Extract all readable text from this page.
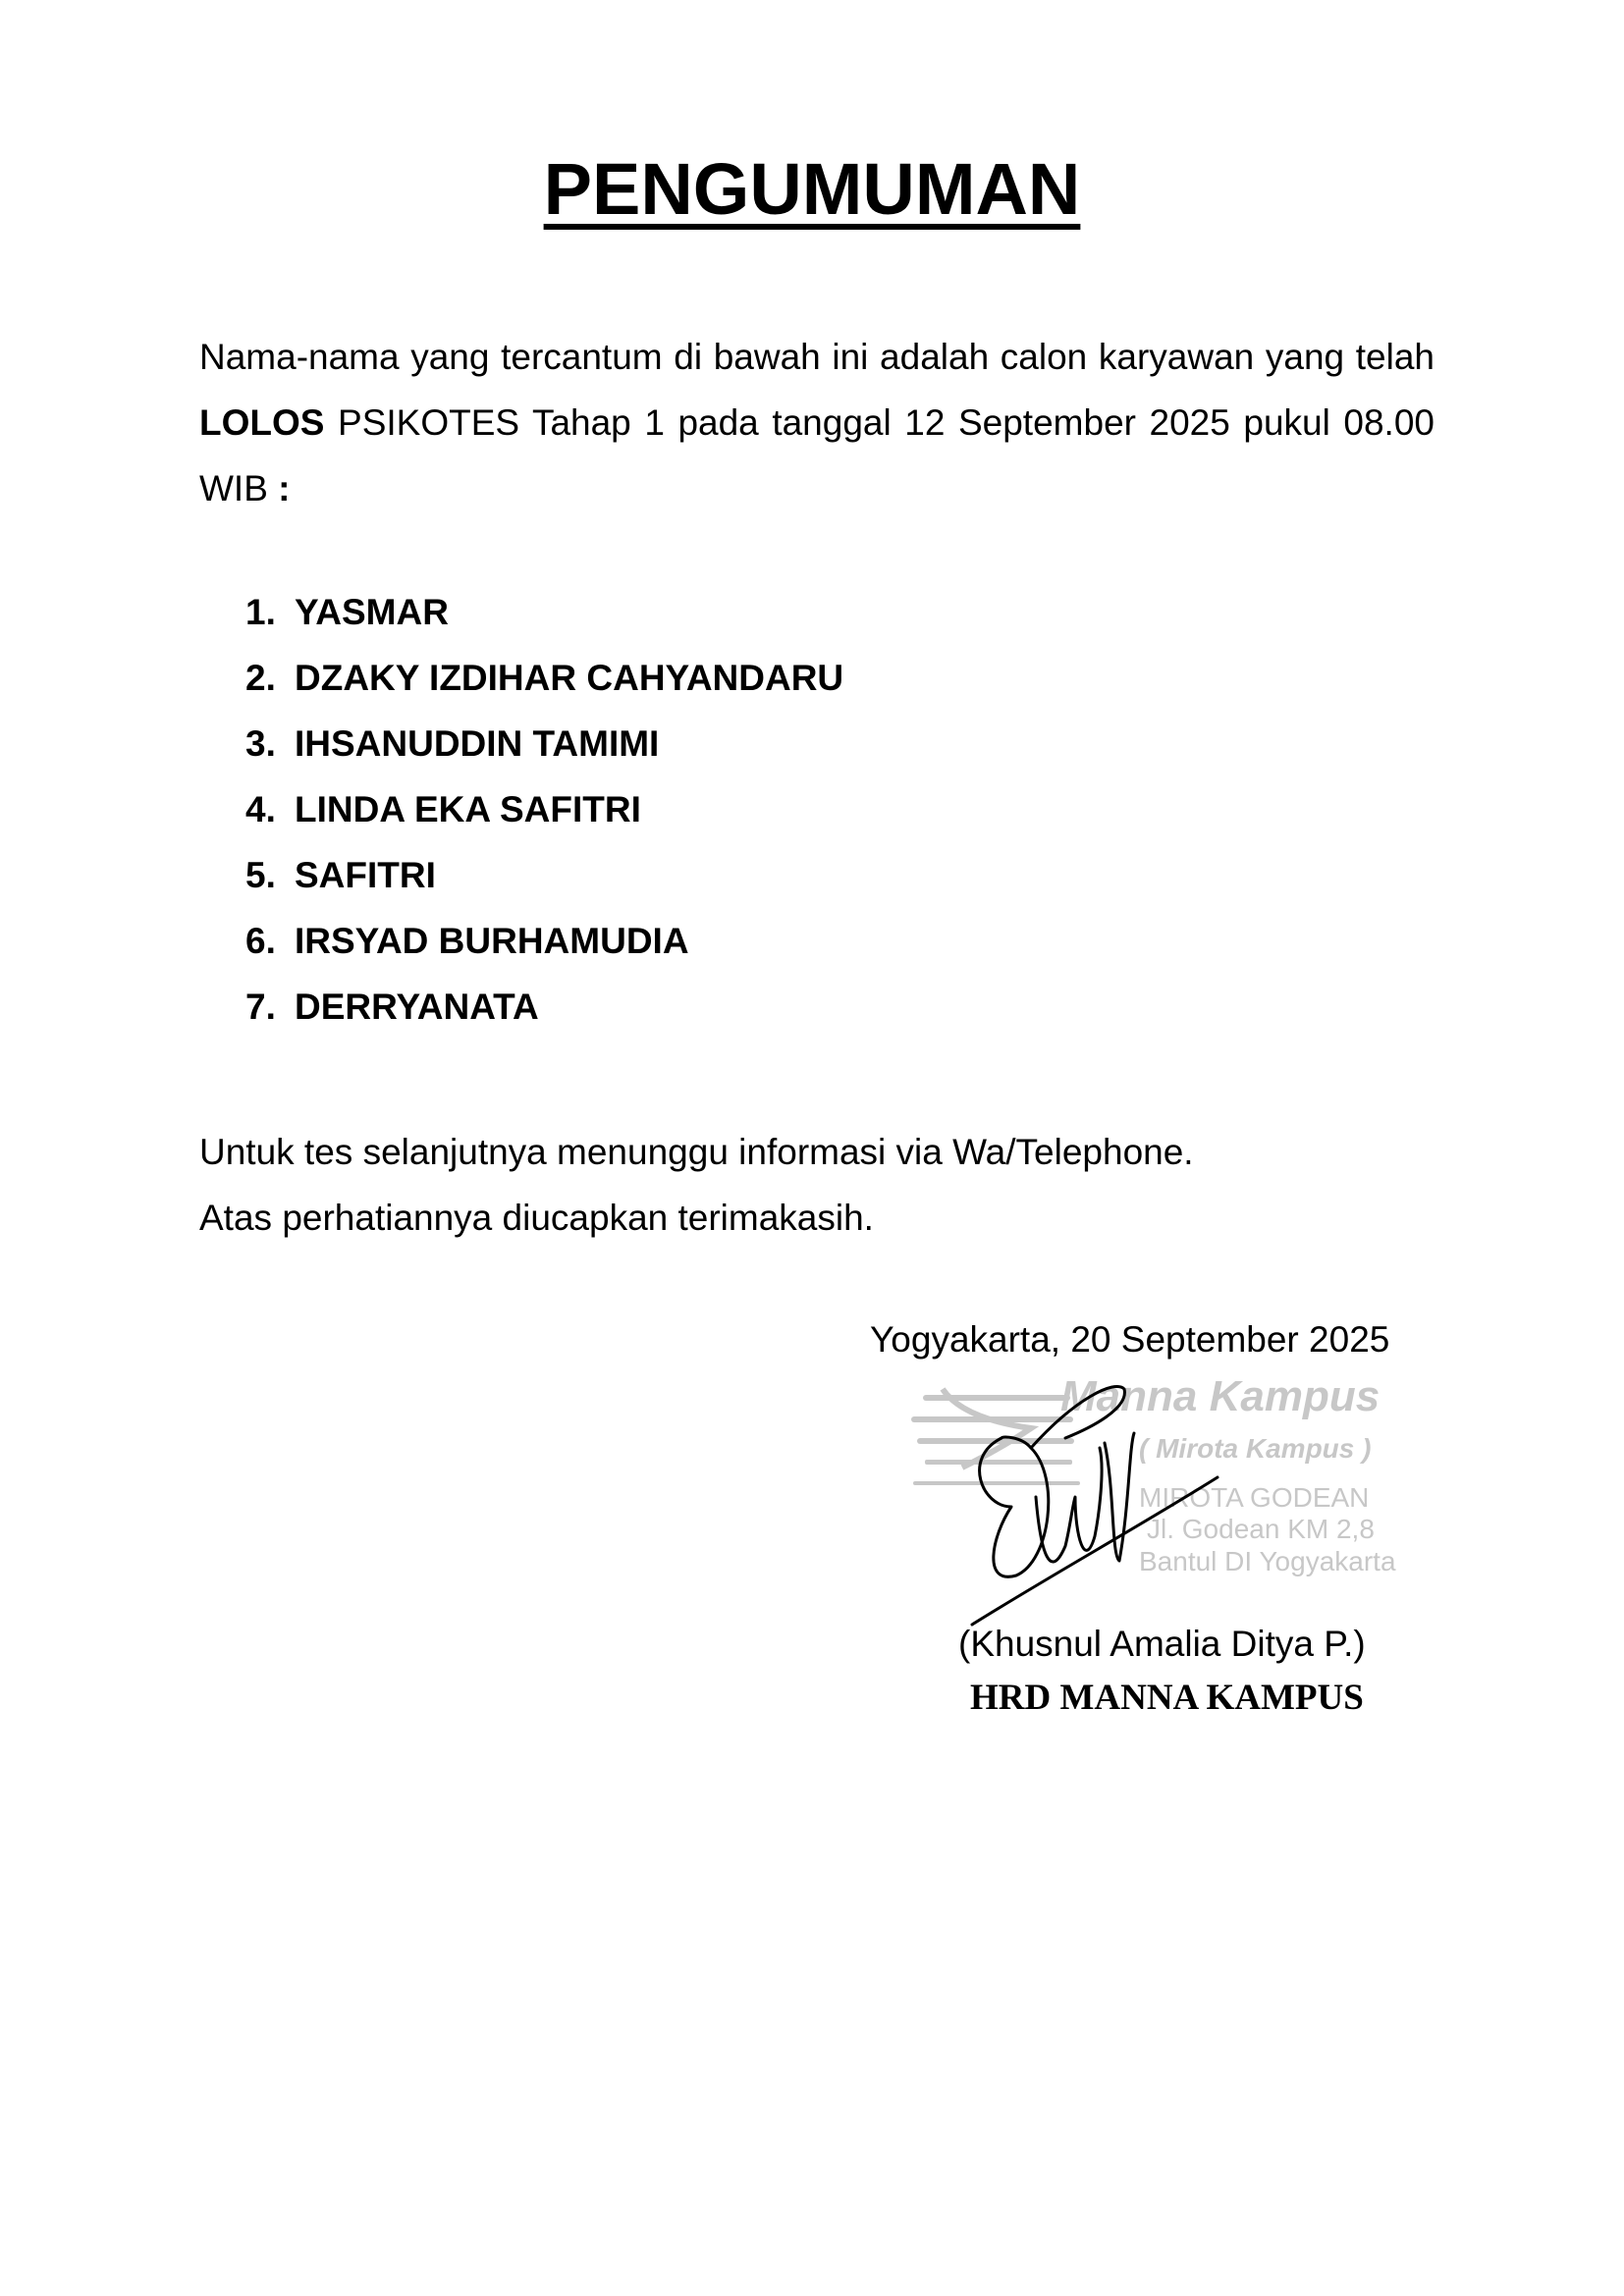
PENGUMUMAN

Nama-nama yang tercantum di bawah ini adalah calon karyawan yang telah LOLOS PSIKOTES Tahap 1 pada tanggal 12 September 2025 pukul 08.00 WIB :

1. YASMAR
2. DZAKY IZDIHAR CAHYANDARU
3. IHSANUDDIN TAMIMI
4. LINDA EKA SAFITRI
5. SAFITRI
6. IRSYAD BURHAMUDIA
7. DERRYANATA

Untuk tes selanjutnya menunggu informasi via Wa/Telephone.

Atas perhatiannya diucapkan terimakasih.

Yogyakarta, 20 September 2025
Manna Kampus
( Mirota Kampus )
MIROTA GODEAN
Jl. Godean KM 2,8
Bantul DI Yogyakarta
(Khusnul Amalia Ditya P.)
HRD MANNA KAMPUS
